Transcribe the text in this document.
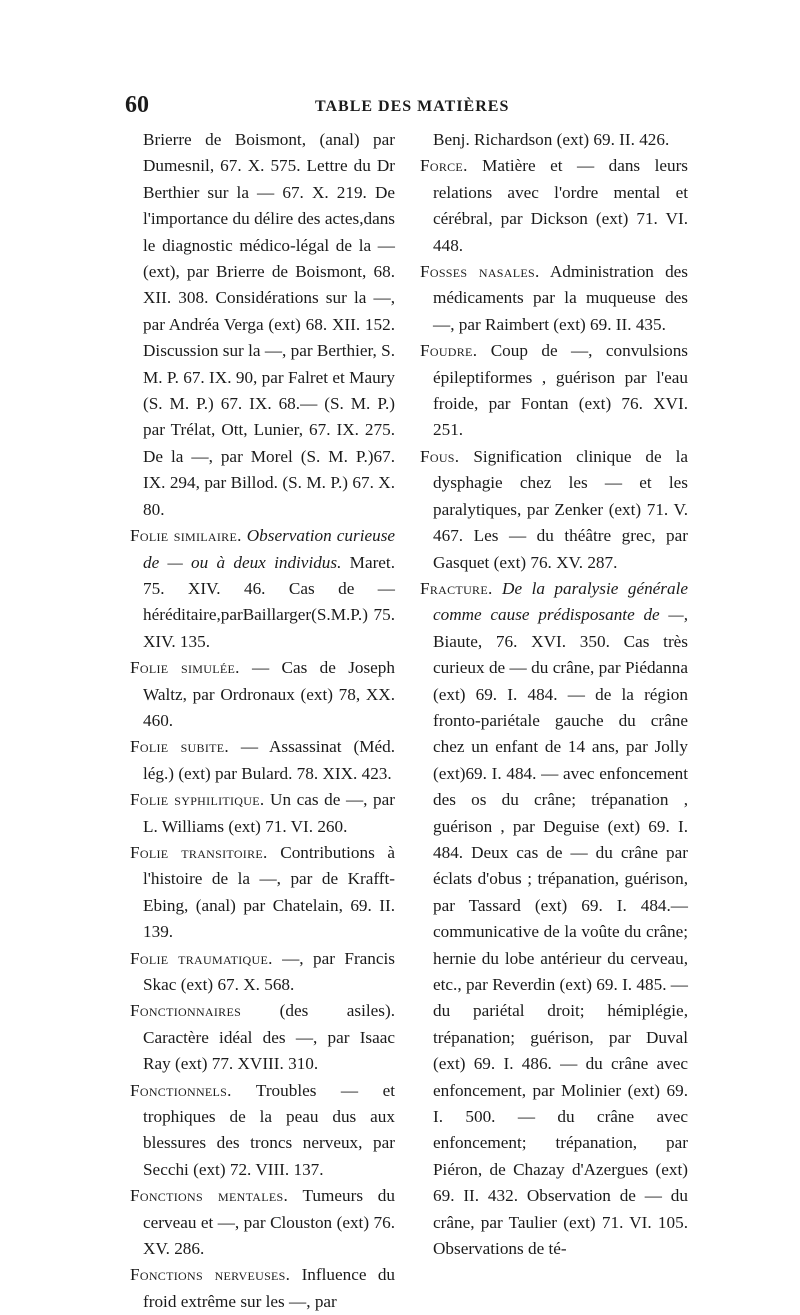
60	TABLE DES MATIÈRES

Brierre de Boismont, (anal) par Dumesnil, 67. X. 575. Lettre du Dr Berthier sur la — 67. X. 219. De l'importance du délire des actes,dans le diagnostic médico-légal de la — (ext), par Brierre de Boismont, 68. XII. 308. Considérations sur la —, par Andréa Verga (ext) 68. XII. 152. Discussion sur la —, par Berthier, S. M. P. 67. IX. 90, par Falret et Maury (S. M. P.) 67. IX. 68.— (S. M. P.) par Trélat, Ott, Lunier, 67. IX. 275. De la —, par Morel (S. M. P.)67. IX. 294, par Billod. (S. M. P.) 67. X. 80.

Folie similaire. Observation curieuse de — ou à deux individus. Maret. 75. XIV. 46. Cas de — héréditaire,parBaillarger(S.M.P.) 75. XIV. 135.

Folie simulée. — Cas de Joseph Waltz, par Ordronaux (ext) 78, XX. 460.

Folie subite. — Assassinat (Méd. lég.) (ext) par Bulard. 78. XIX. 423.

Folie syphilitique. Un cas de —, par L. Williams (ext) 71. VI. 260.

Folie transitoire. Contributions à l'histoire de la —, par de Krafft-Ebing, (anal) par Chatelain, 69. II. 139.

Folie traumatique. —, par Francis Skac (ext) 67. X. 568.

Fonctionnaires (des asiles). Caractère idéal des —, par Isaac Ray (ext) 77. XVIII. 310.

Fonctionnels. Troubles — et trophiques de la peau dus aux blessures des troncs nerveux, par Secchi (ext) 72. VIII. 137.

Fonctions mentales. Tumeurs du cerveau et —, par Clouston (ext) 76. XV. 286.

Fonctions nerveuses. Influence du froid extrême sur les —, par

Benj. Richardson (ext) 69. II. 426.

Force. Matière et — dans leurs relations avec l'ordre mental et cérébral, par Dickson (ext) 71. VI. 448.

Fosses nasales. Administration des médicaments par la muqueuse des —, par Raimbert (ext) 69. II. 435.

Foudre. Coup de —, convulsions épileptiformes , guérison par l'eau froide, par Fontan (ext) 76. XVI. 251.

Fous. Signification clinique de la dysphagie chez les — et les paralytiques, par Zenker (ext) 71. V. 467. Les — du théâtre grec, par Gasquet (ext) 76. XV. 287.

Fracture. De la paralysie générale comme cause prédisposante de —, Biaute, 76. XVI. 350. Cas très curieux de — du crâne, par Piédanna (ext) 69. I. 484. — de la région fronto-pariétale gauche du crâne chez un enfant de 14 ans, par Jolly (ext)69. I. 484. — avec enfoncement des os du crâne; trépanation , guérison , par Deguise (ext) 69. I. 484. Deux cas de — du crâne par éclats d'obus ; trépanation, guérison, par Tassard (ext) 69. I. 484.—communicative de la voûte du crâne; hernie du lobe antérieur du cerveau, etc., par Reverdin (ext) 69. I. 485. — du pariétal droit; hémiplégie, trépanation; guérison, par Duval (ext) 69. I. 486. — du crâne avec enfoncement, par Molinier (ext) 69. I. 500. — du crâne avec enfoncement; trépanation, par Piéron, de Chazay d'Azergues (ext) 69. II. 432. Observation de — du crâne, par Taulier (ext) 71. VI. 105. Observations de té-
